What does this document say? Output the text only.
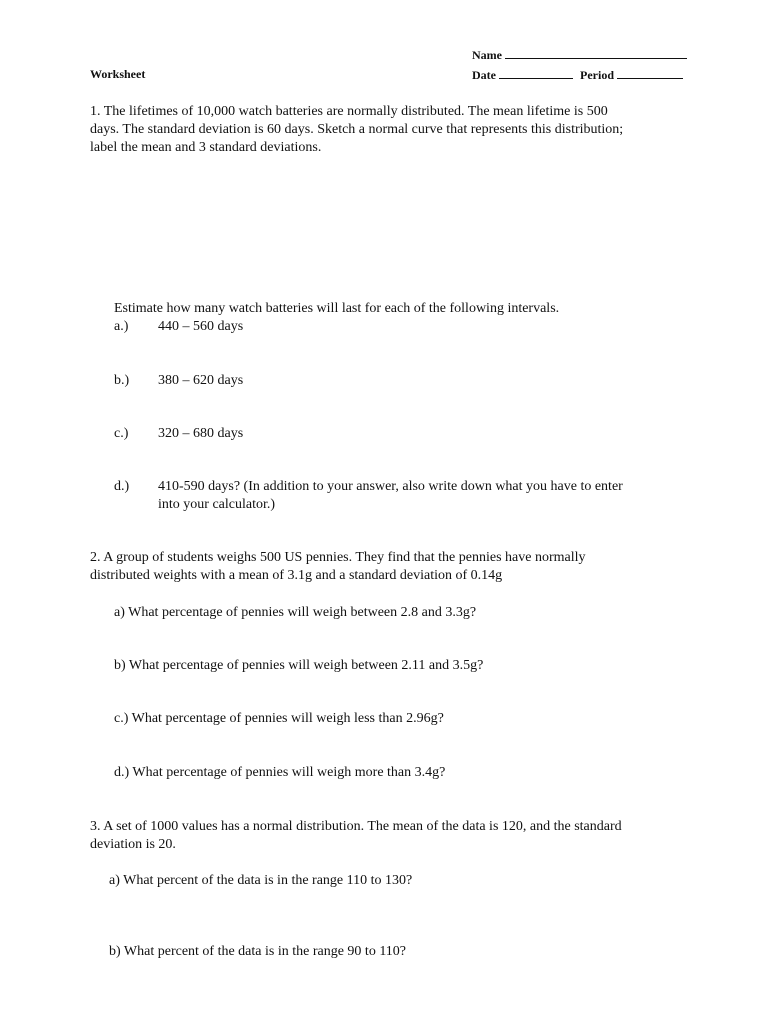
Name
Worksheet	Date	Period
1. The lifetimes of 10,000 watch batteries are normally distributed. The mean lifetime is 500
days. The standard deviation is 60 days. Sketch a normal curve that represents this distribution;
label the mean and 3 standard deviations.
Estimate how many watch batteries will last for each of the following intervals.
a.) 440 – 560 days
b.) 380 – 620 days
c.) 320 – 680 days
d.) 410-590 days? (In addition to your answer, also write down what you have to enter
into your calculator.)
2. A group of students weighs 500 US pennies. They find that the pennies have normally
distributed weights with a mean of 3.1g and a standard deviation of 0.14g
a) What percentage of pennies will weigh between 2.8 and 3.3g?
b) What percentage of pennies will weigh between 2.11 and 3.5g?
c.) What percentage of pennies will weigh less than 2.96g?
d.) What percentage of pennies will weigh more than 3.4g?
3. A set of 1000 values has a normal distribution. The mean of the data is 120, and the standard
deviation is 20.
a) What percent of the data is in the range 110 to 130?
b) What percent of the data is in the range 90 to 110?
